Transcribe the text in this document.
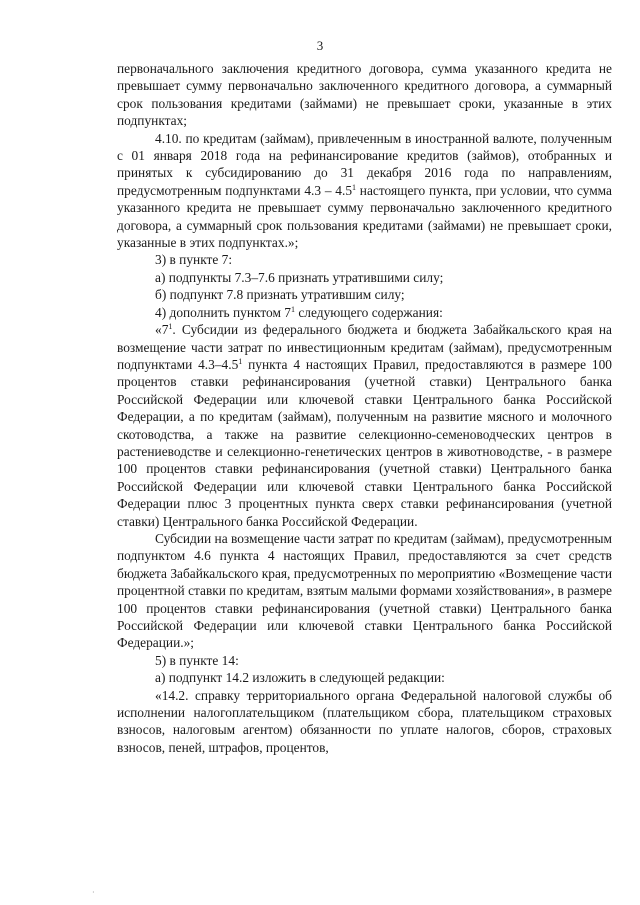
3

первоначального заключения кредитного договора, сумма указанного кредита не превышает сумму первоначально заключенного кредитного договора, а суммарный срок пользования кредитами (займами) не превышает сроки, указанные в этих подпунктах;

4.10. по кредитам (займам), привлеченным в иностранной валюте, полученным с 01 января 2018 года на рефинансирование кредитов (займов), отобранных и принятых к субсидированию до 31 декабря 2016 года по направлениям, предусмотренным подпунктами $4.3 - 4.5^1$ настоящего пункта, при условии, что сумма указанного кредита не превышает сумму первоначально заключенного кредитного договора, а суммарный срок пользования кредитами (займами) не превышает сроки, указанные в этих подпунктах.»;

3) в пункте 7:

а) подпункты 7.3–7.6 признать утратившими силу;

б) подпункт 7.8 признать утратившим силу;

4) дополнить пунктом $7^1$ следующего содержания:

«$7^1$. Субсидии из федерального бюджета и бюджета Забайкальского края на возмещение части затрат по инвестиционным кредитам (займам), предусмотренным подпунктами $4.3-4.5^1$ пункта 4 настоящих Правил, предоставляются в размере 100 процентов ставки рефинансирования (учетной ставки) Центрального банка Российской Федерации или ключевой ставки Центрального банка Российской Федерации, а по кредитам (займам), полученным на развитие мясного и молочного скотоводства, а также на развитие селекционно-семеноводческих центров в растениеводстве и селекционно-генетических центров в животноводстве, - в размере 100 процентов ставки рефинансирования (учетной ставки) Центрального банка Российской Федерации или ключевой ставки Центрального банка Российской Федерации плюс 3 процентных пункта сверх ставки рефинансирования (учетной ставки) Центрального банка Российской Федерации.

Субсидии на возмещение части затрат по кредитам (займам), предусмотренным подпунктом 4.6 пункта 4 настоящих Правил, предоставляются за счет средств бюджета Забайкальского края, предусмотренных по мероприятию «Возмещение части процентной ставки по кредитам, взятым малыми формами хозяйствования», в размере 100 процентов ставки рефинансирования (учетной ставки) Центрального банка Российской Федерации или ключевой ставки Центрального банка Российской Федерации.»;

5) в пункте 14:

а) подпункт 14.2 изложить в следующей редакции:

«14.2. справку территориального органа Федеральной налоговой службы об исполнении налогоплательщиком (плательщиком сбора, плательщиком страховых взносов, налоговым агентом) обязанности по уплате налогов, сборов, страховых взносов, пеней, штрафов, процентов,

·
